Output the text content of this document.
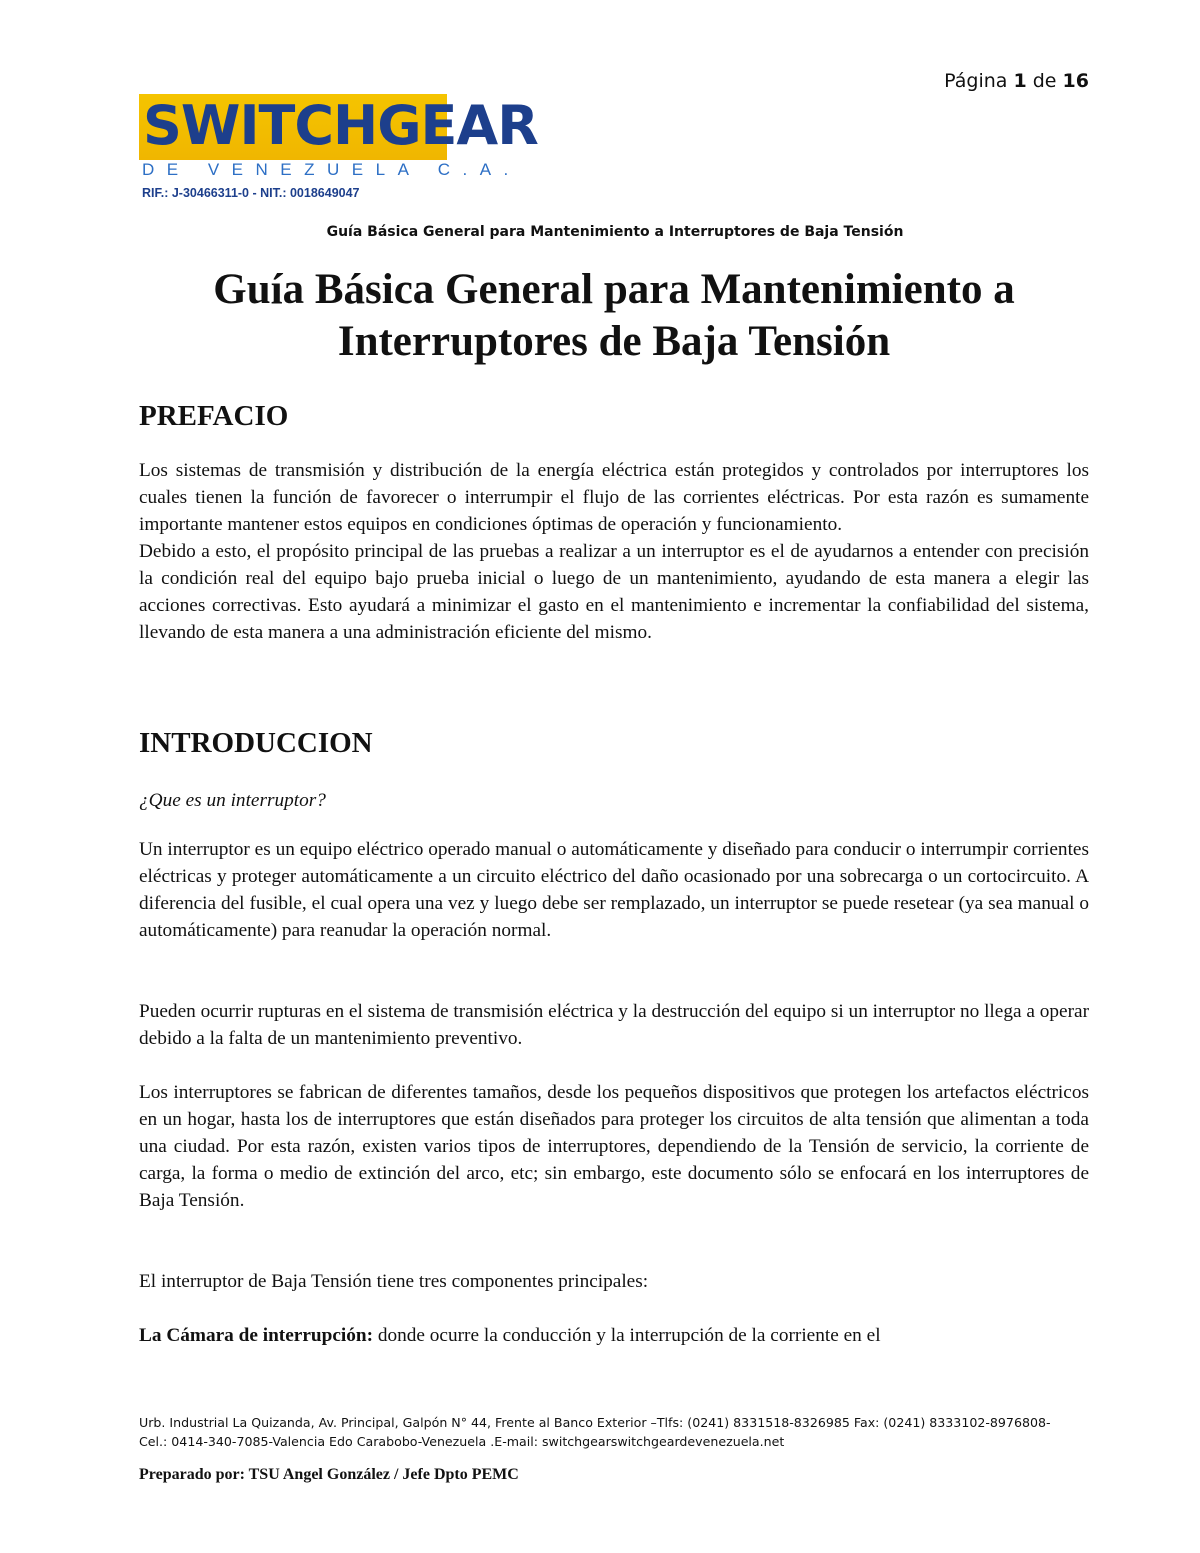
Página 1 de 16
SWITCHGEAR
DE VENEZUELA C.A.
RIF.: J-30466311-0 - NIT.: 0018649047
Guía Básica General para Mantenimiento a Interruptores de Baja Tensión
Guía Básica General para Mantenimiento a
Interruptores de Baja Tensión
PREFACIO

Los sistemas de transmisión y distribución de la energía eléctrica están protegidos y controlados por interruptores los cuales tienen la función de favorecer o interrumpir el flujo de las corrientes eléctricas. Por esta razón es sumamente importante mantener estos equipos en condiciones óptimas de operación y funcionamiento.

Debido a esto, el propósito principal de las pruebas a realizar a un interruptor es el de ayudarnos a entender con precisión la condición real del equipo bajo prueba inicial o luego de un mantenimiento, ayudando de esta manera a elegir las acciones correctivas. Esto ayudará a minimizar el gasto en el mantenimiento e incrementar la confiabilidad del sistema, llevando de esta manera a una administración eficiente del mismo.

INTRODUCCION

¿Que es un interruptor?

Un interruptor es un equipo eléctrico operado manual o automáticamente y diseñado para conducir o interrumpir corrientes eléctricas y proteger automáticamente a un circuito eléctrico del daño ocasionado por una sobrecarga o un cortocircuito. A diferencia del fusible, el cual opera una vez y luego debe ser remplazado, un interruptor se puede resetear (ya sea manual o automáticamente) para reanudar la operación normal.

Pueden ocurrir rupturas en el sistema de transmisión eléctrica y la destrucción del equipo si un interruptor no llega a operar debido a la falta de un mantenimiento preventivo.

Los interruptores se fabrican de diferentes tamaños, desde los pequeños dispositivos que protegen los artefactos eléctricos en un hogar, hasta los de interruptores que están diseñados para proteger los circuitos de alta tensión que alimentan a toda una ciudad. Por esta razón, existen varios tipos de interruptores, dependiendo de la Tensión de servicio, la corriente de carga, la forma o medio de extinción del arco, etc; sin embargo, este documento sólo se enfocará en los interruptores de Baja Tensión.

El interruptor de Baja Tensión tiene tres componentes principales:

La Cámara de interrupción: donde ocurre la conducción y la interrupción de la corriente en el

Urb. Industrial La Quizanda, Av. Principal, Galpón N° 44, Frente al Banco Exterior –Tlfs: (0241) 8331518-8326985 Fax: (0241) 8333102-8976808-
Cel.: 0414-340-7085-Valencia Edo Carabobo-Venezuela .E-mail: switchgearswitchgeardevenezuela.net
Preparado por: TSU Angel González / Jefe Dpto PEMC
